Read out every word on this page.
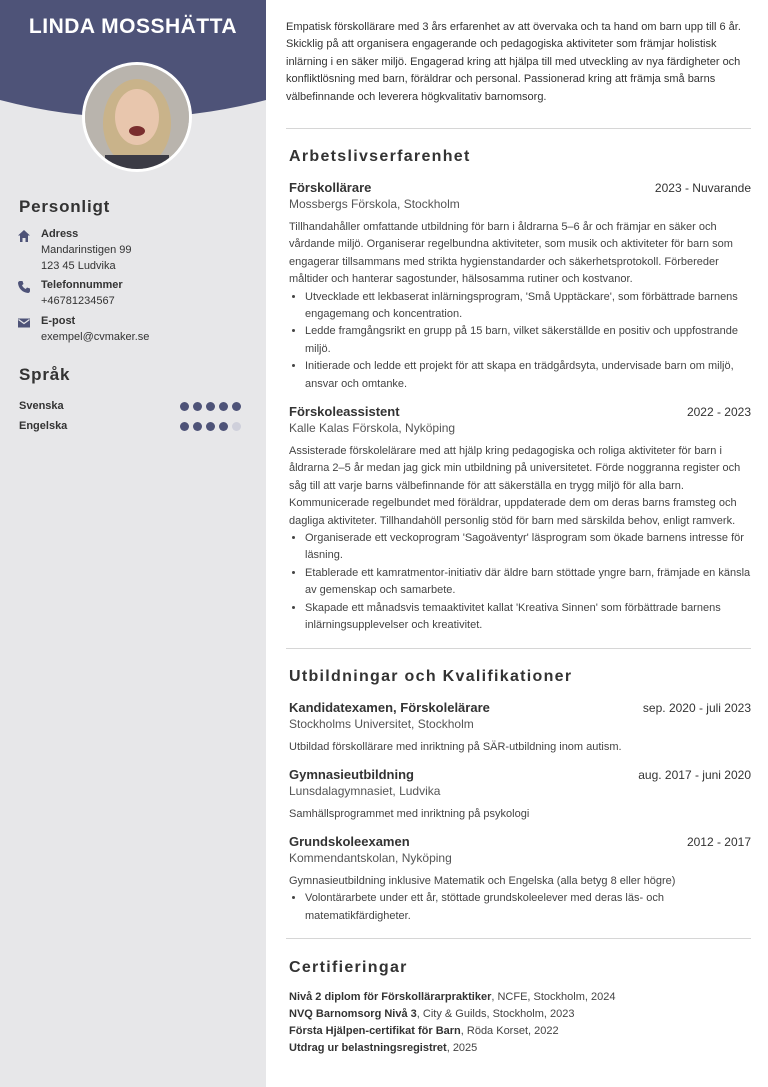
LINDA MOSSHÄTTA
Personligt
Adress
Mandarinstigen 99
123 45 Ludvika
Telefonnummer
+46781234567
E-post
exempel@cvmaker.se
Språk
Svenska
Engelska
Empatisk förskollärare med 3 års erfarenhet av att övervaka och ta hand om barn upp till 6 år. Skicklig på att organisera engagerande och pedagogiska aktiviteter som främjar holistisk inlärning i en säker miljö. Engagerad kring att hjälpa till med utveckling av nya färdigheter och konfliktlösning med barn, föräldrar och personal. Passionerad kring att främja små barns välbefinnande och leverera högkvalitativ barnomsorg.
Arbetslivserfarenhet
Förskollärare	2023 - Nuvarande
Mossbergs Förskola, Stockholm
Tillhandahåller omfattande utbildning för barn i åldrarna 5–6 år och främjar en säker och vårdande miljö. Organiserar regelbundna aktiviteter, som musik och aktiviteter för barn som engagerar tillsammans med strikta hygienstandarder och säkerhetsprotokoll. Förbereder måltider och hanterar sagostunder, hälsosamma rutiner och kostvanor.
• Utvecklade ett lekbaserat inlärningsprogram, 'Små Upptäckare', som förbättrade barnens engagemang och koncentration.
• Ledde framgångsrikt en grupp på 15 barn, vilket säkerställde en positiv och uppfostrande miljö.
• Initierade och ledde ett projekt för att skapa en trädgårdsyta, undervisade barn om miljö, ansvar och omtanke.
Förskoleassistent	2022 - 2023
Kalle Kalas Förskola, Nyköping
Assisterade förskolelärare med att hjälp kring pedagogiska och roliga aktiviteter för barn i åldrarna 2–5 år medan jag gick min utbildning på universitetet. Förde noggranna register och såg till att varje barns välbefinnande för att säkerställa en trygg miljö för alla barn. Kommunicerade regelbundet med föräldrar, uppdaterade dem om deras barns framsteg och dagliga aktiviteter. Tillhandahöll personlig stöd för barn med särskilda behov, enligt ramverk.
• Organiserade ett veckoprogram 'Sagoäventyr' läsprogram som ökade barnens intresse för läsning.
• Etablerade ett kamratmentor-initiativ där äldre barn stöttade yngre barn, främjade en känsla av gemenskap och samarbete.
• Skapade ett månadsvis temaaktivitet kallat 'Kreativa Sinnen' som förbättrade barnens inlärningsupplevelser och kreativitet.
Utbildningar och Kvalifikationer
Kandidatexamen, Förskolelärare	sep. 2020 - juli 2023
Stockholms Universitet, Stockholm
Utbildad förskollärare med inriktning på SÄR-utbildning inom autism.
Gymnasieutbildning	aug. 2017 - juni 2020
Lunsdalagymnasiet, Ludvika
Samhällsprogrammet med inriktning på psykologi
Grundskoleexamen	2012 - 2017
Kommendantskolan, Nyköping
Gymnasieutbildning inklusive Matematik och Engelska (alla betyg 8 eller högre)
• Volontärarbete under ett år, stöttade grundskoleelever med deras läs- och matematikfärdigheter.
Certifieringar
Nivå 2 diplom för Förskollärarpraktiker, NCFE, Stockholm, 2024
NVQ Barnomsorg Nivå 3, City & Guilds, Stockholm, 2023
Första Hjälpen-certifikat för Barn, Röda Korset, 2022
Utdrag ur belastningsregistret, 2025
